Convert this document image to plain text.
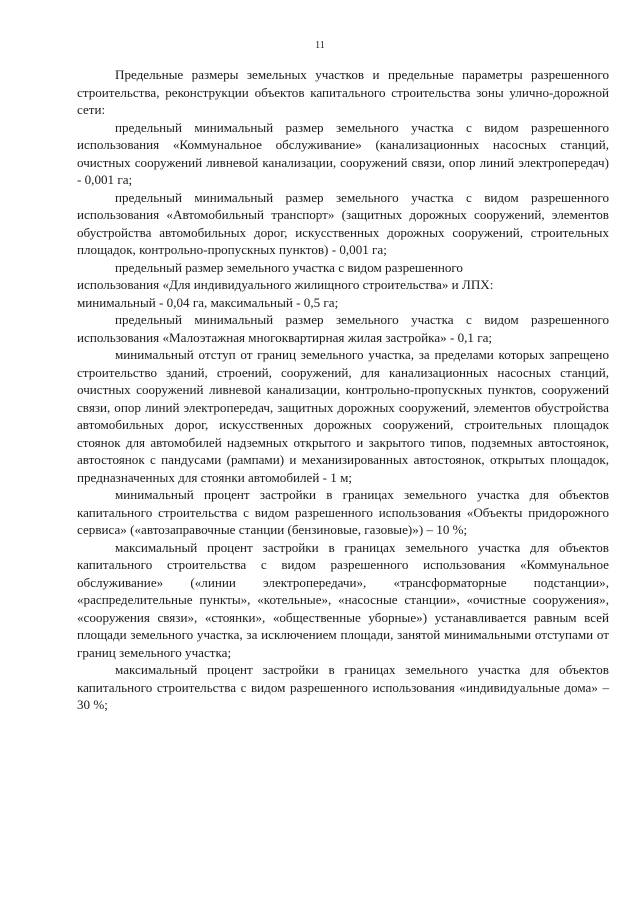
11

Предельные размеры земельных участков и предельные параметры разрешенного строительства, реконструкции объектов капитального строительства зоны улично-дорожной сети:

предельный минимальный размер земельного участка с видом разрешенного использования «Коммунальное обслуживание» (канализационных насосных станций, очистных сооружений ливневой канализации, сооружений связи, опор линий электропередач) - 0,001 га;

предельный минимальный размер земельного участка с видом разрешенного использования «Автомобильный транспорт» (защитных дорожных сооружений, элементов обустройства автомобильных дорог, искусственных дорожных сооружений, строительных площадок, контрольно-пропускных пунктов) - 0,001 га;

предельный размер земельного участка с видом разрешенного
использования «Для индивидуального жилищного строительства» и ЛПХ:
минимальный - 0,04 га, максимальный - 0,5 га;

предельный минимальный размер земельного участка с видом разрешенного использования «Малоэтажная многоквартирная жилая застройка» - 0,1 га;

минимальный отступ от границ земельного участка, за пределами которых запрещено строительство зданий, строений, сооружений, для канализационных насосных станций, очистных сооружений ливневой канализации, контрольно-пропускных пунктов, сооружений связи, опор линий электропередач, защитных дорожных сооружений, элементов обустройства автомобильных дорог, искусственных дорожных сооружений, строительных площадок стоянок для автомобилей надземных открытого и закрытого типов, подземных автостоянок, автостоянок с пандусами (рампами) и механизированных автостоянок, открытых площадок, предназначенных для стоянки автомобилей - 1 м;

минимальный процент застройки в границах земельного участка для объектов капитального строительства с видом разрешенного использования «Объекты придорожного сервиса» («автозаправочные станции (бензиновые, газовые)») – 10 %;

максимальный процент застройки в границах земельного участка для объектов капитального строительства с видом разрешенного использования «Коммунальное обслуживание» («линии электропередачи», «трансформаторные подстанции», «распределительные пункты», «котельные», «насосные станции», «очистные сооружения», «сооружения связи», «стоянки», «общественные уборные») устанавливается равным всей площади земельного участка, за исключением площади, занятой минимальными отступами от границ земельного участка;

максимальный процент застройки в границах земельного участка для объектов капитального строительства с видом разрешенного использования «индивидуальные дома» – 30 %;
